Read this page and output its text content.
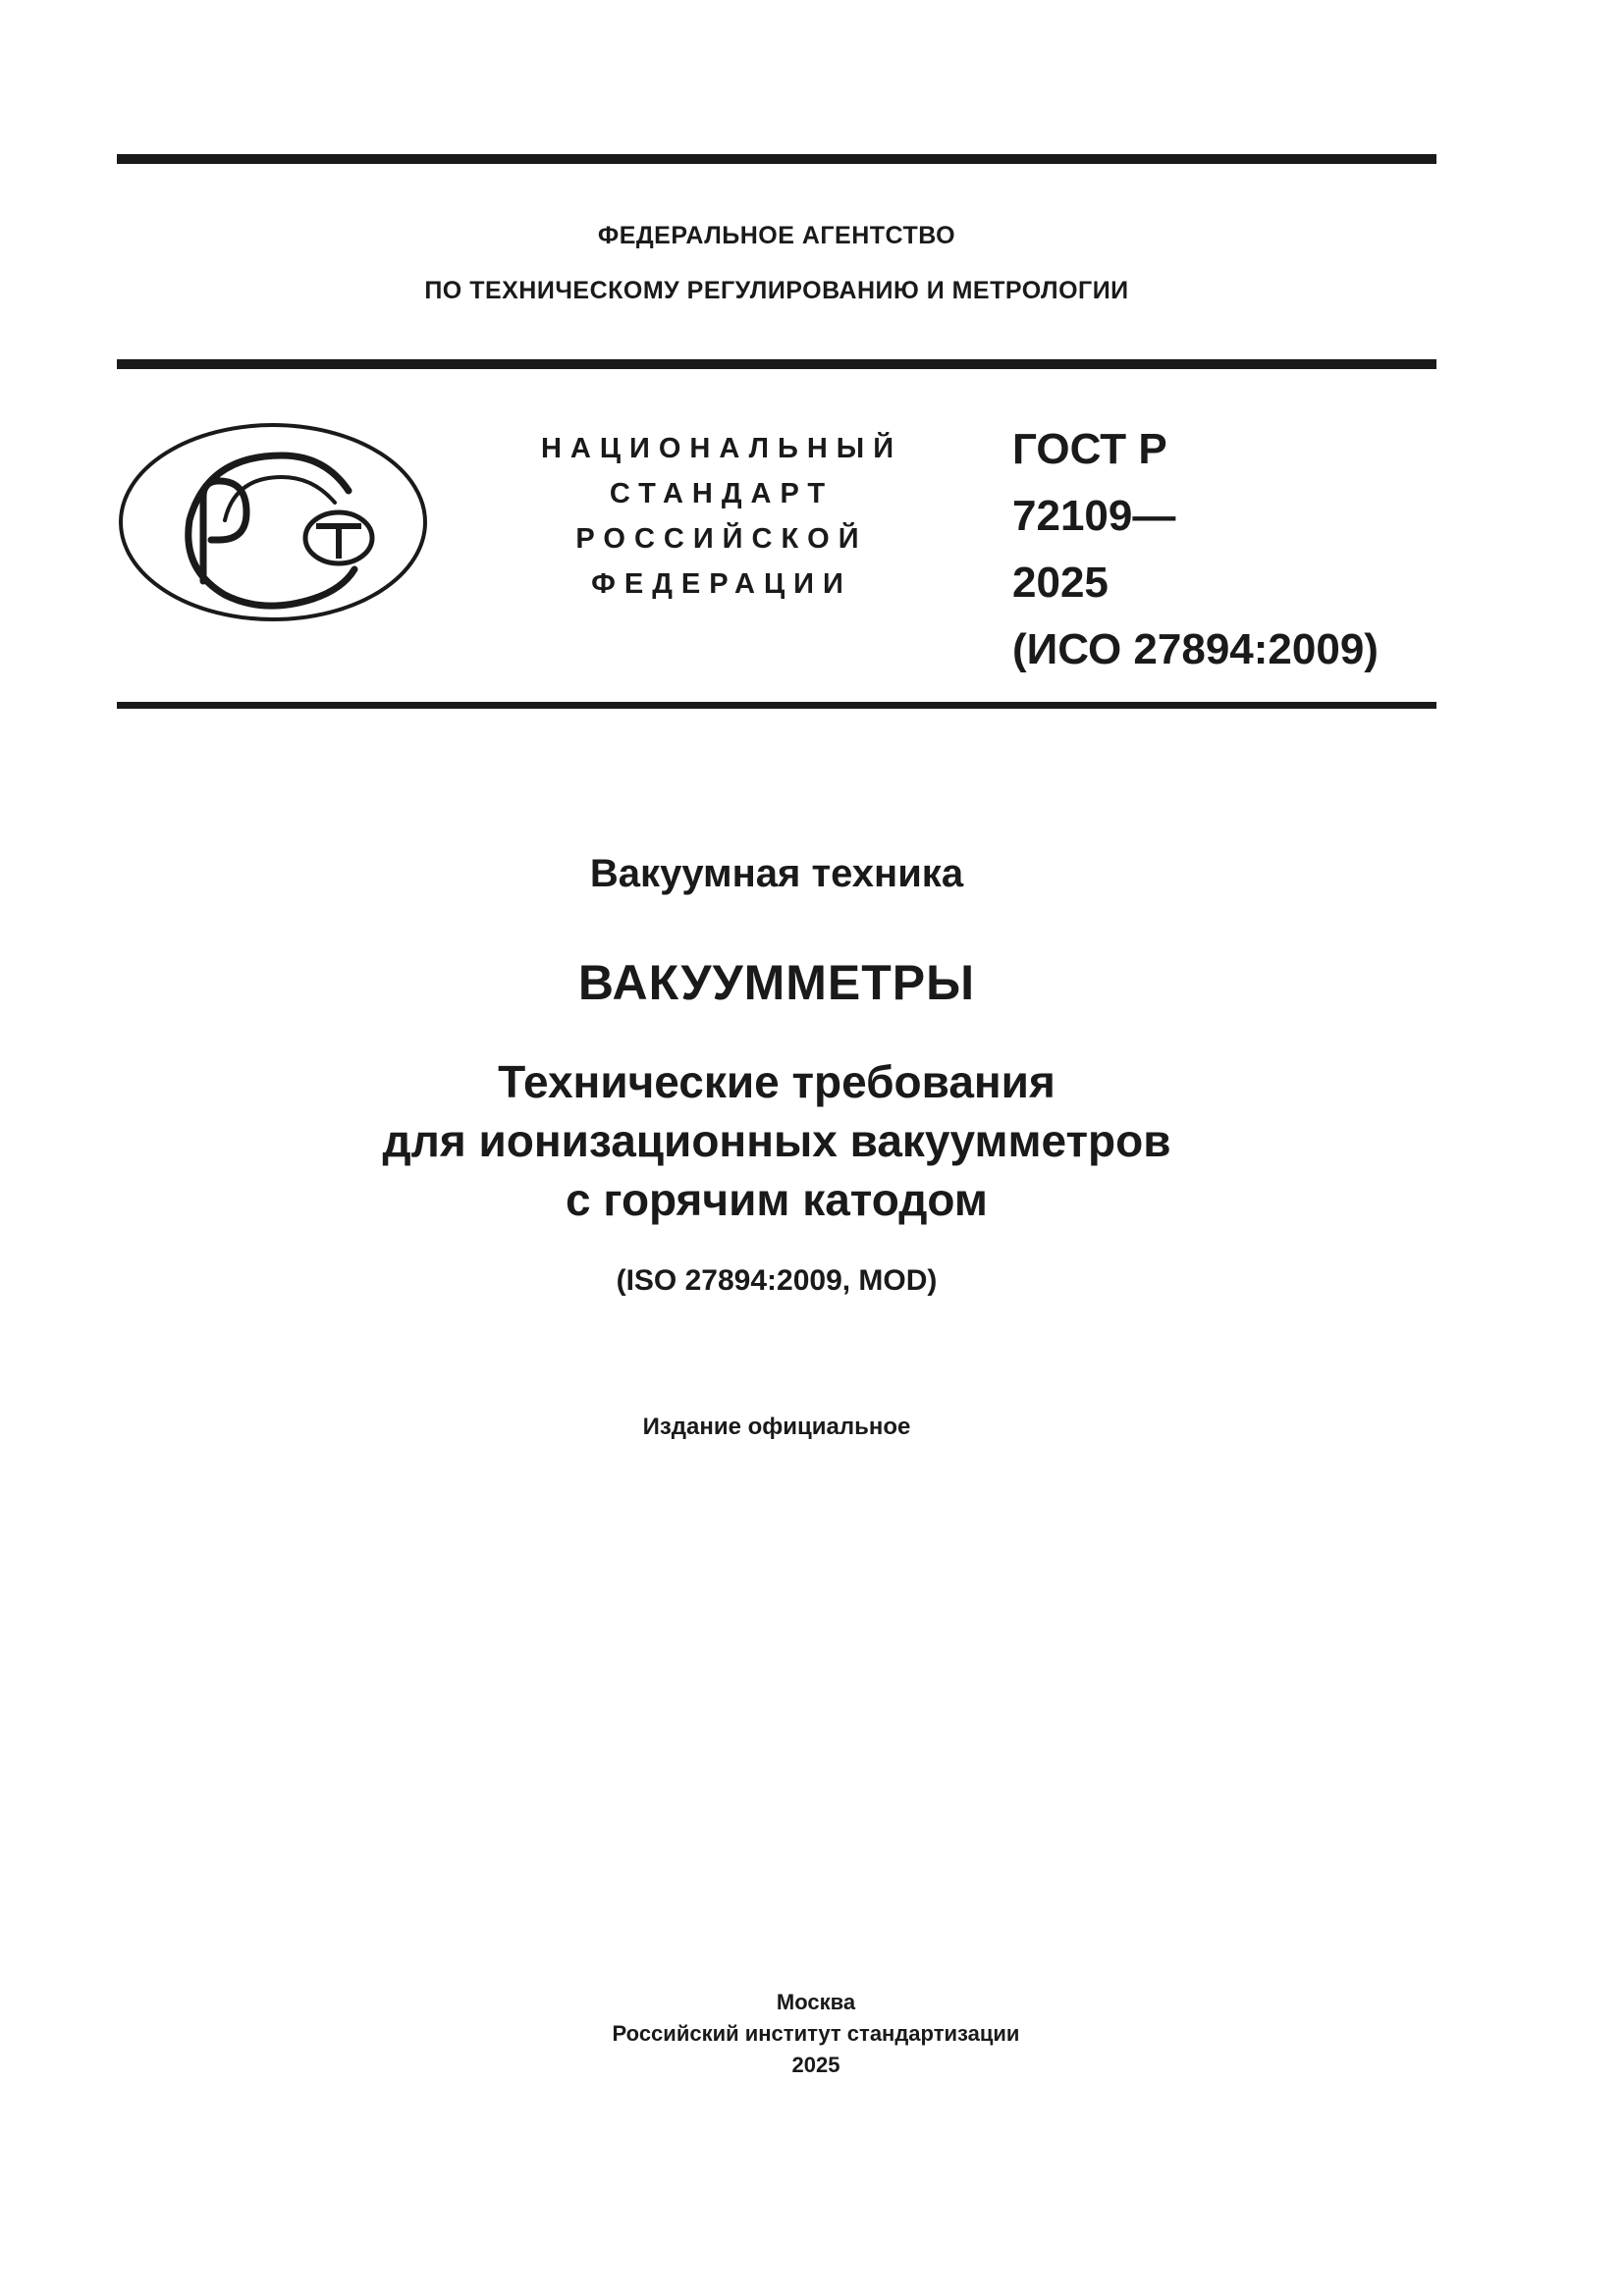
ФЕДЕРАЛЬНОЕ АГЕНТСТВО
ПО ТЕХНИЧЕСКОМУ РЕГУЛИРОВАНИЮ И МЕТРОЛОГИИ
НАЦИОНАЛЬНЫЙ
СТАНДАРТ
РОССИЙСКОЙ
ФЕДЕРАЦИИ
ГОСТ Р
72109—
2025
(ИСО 27894:2009)
Вакуумная техника
ВАКУУММЕТРЫ
Технические требования
для ионизационных вакуумметров
с горячим катодом
(ISO 27894:2009, MOD)
Издание официальное
Москва
Российский институт стандартизации
2025
